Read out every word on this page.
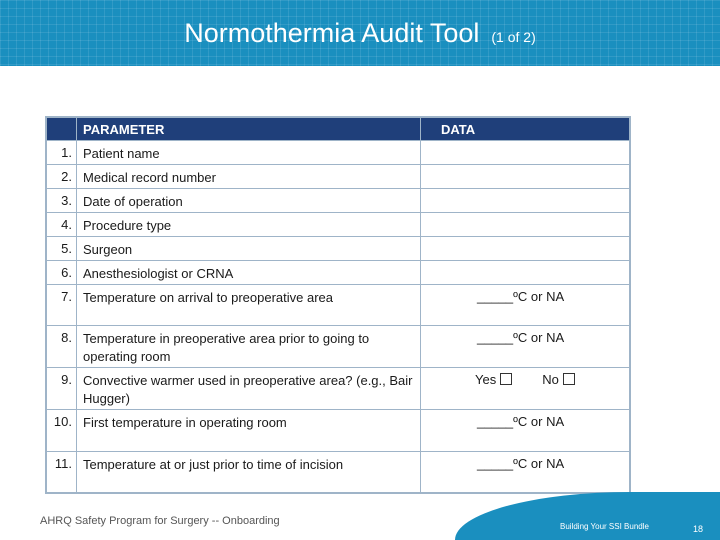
Normothermia Audit Tool (1 of 2)
	PARAMETER	DATA
1.	Patient name	
2.	Medical record number	
3.	Date of operation	
4.	Procedure type	
5.	Surgeon	
6.	Anesthesiologist or CRNA	
7.	Temperature on arrival to preoperative area	_____ºC or NA

8.	Temperature in preoperative area prior to going to operating room	_____ºC or NA

9.	Convective warmer used in preoperative area? (e.g., Bair Hugger)	Yes No

10.	First temperature in operating room	_____ºC or NA

11.	Temperature at or just prior to time of incision	_____ºC or NA
AHRQ Safety Program for Surgery -- Onboarding	Building Your SSI Bundle	18
